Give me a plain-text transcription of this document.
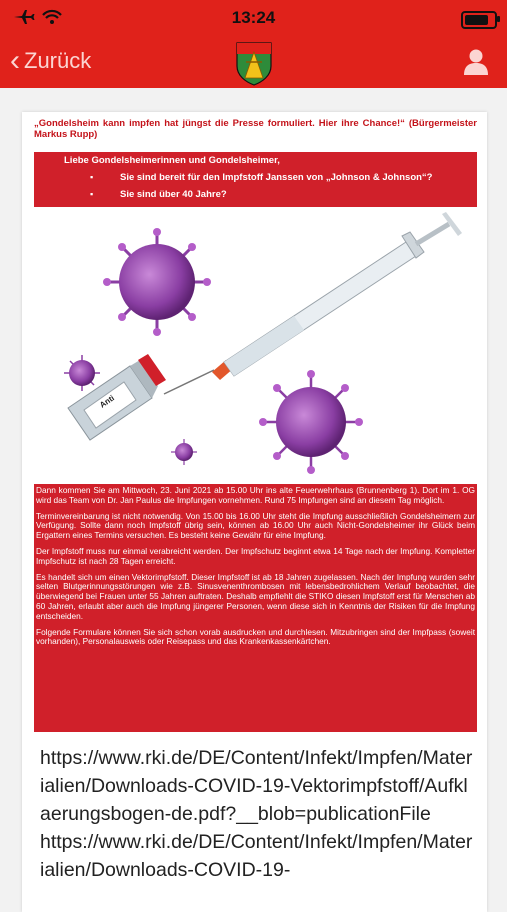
13:24
‹ Zurück
„Gondelsheim kann impfen hat jüngst die Presse formuliert. Hier ihre Chance!“ (Bürgermeister Markus Rupp)
Liebe Gondelsheimerinnen und Gondelsheimer,
▪	Sie sind bereit für den Impfstoff Janssen von „Johnson & Johnson“?
▪	Sie sind über 40 Jahre?
Anti

Dann kommen Sie am Mittwoch, 23. Juni 2021 ab 15.00 Uhr ins alte Feuerwehrhaus (Brunnenberg 1). Dort im 1. OG wird das Team von Dr. Jan Paulus die Impfungen vornehmen. Rund 75 Impfungen sind an diesem Tag möglich.

Terminvereinbarung ist nicht notwendig. Von 15.00 bis 16.00 Uhr steht die Impfung ausschließlich Gondelsheimern zur Verfügung. Sollte dann noch Impfstoff übrig sein, können ab 16.00 Uhr auch Nicht-Gondelsheimer ihr Glück beim Ergattern eines Termins versuchen. Es besteht keine Gewähr für eine Impfung.

Der Impfstoff muss nur einmal verabreicht werden. Der Impfschutz beginnt etwa 14 Tage nach der Impfung. Kompletter Impfschutz ist nach 28 Tagen erreicht.

Es handelt sich um einen Vektorimpfstoff. Dieser Impfstoff ist ab 18 Jahren zugelassen. Nach der Impfung wurden sehr selten Blutgerinnungsstörungen wie z.B. Sinusvenenthrombosen mit lebensbedrohlichem Verlauf beobachtet, die überwiegend bei Frauen unter 55 Jahren auftraten. Deshalb empfiehlt die STIKO diesen Impfstoff erst für Menschen ab 60 Jahren, erlaubt aber auch die Impfung jüngerer Personen, wenn diese sich in Kenntnis der Risiken für die Impfung entscheiden.

Folgende Formulare können Sie sich schon vorab ausdrucken und durchlesen. Mitzubringen sind der Impfpass (soweit vorhanden), Personalausweis oder Reisepass und das Krankenkassenkärtchen.

https://www.rki.de/DE/Content/Infekt/Impfen/Materialien/Downloads-COVID-19-Vektorimpfstoff/Aufklaerungsbogen-de.pdf?__blob=publicationFile
https://www.rki.de/DE/Content/Infekt/Impfen/Materialien/Downloads-COVID-19-
